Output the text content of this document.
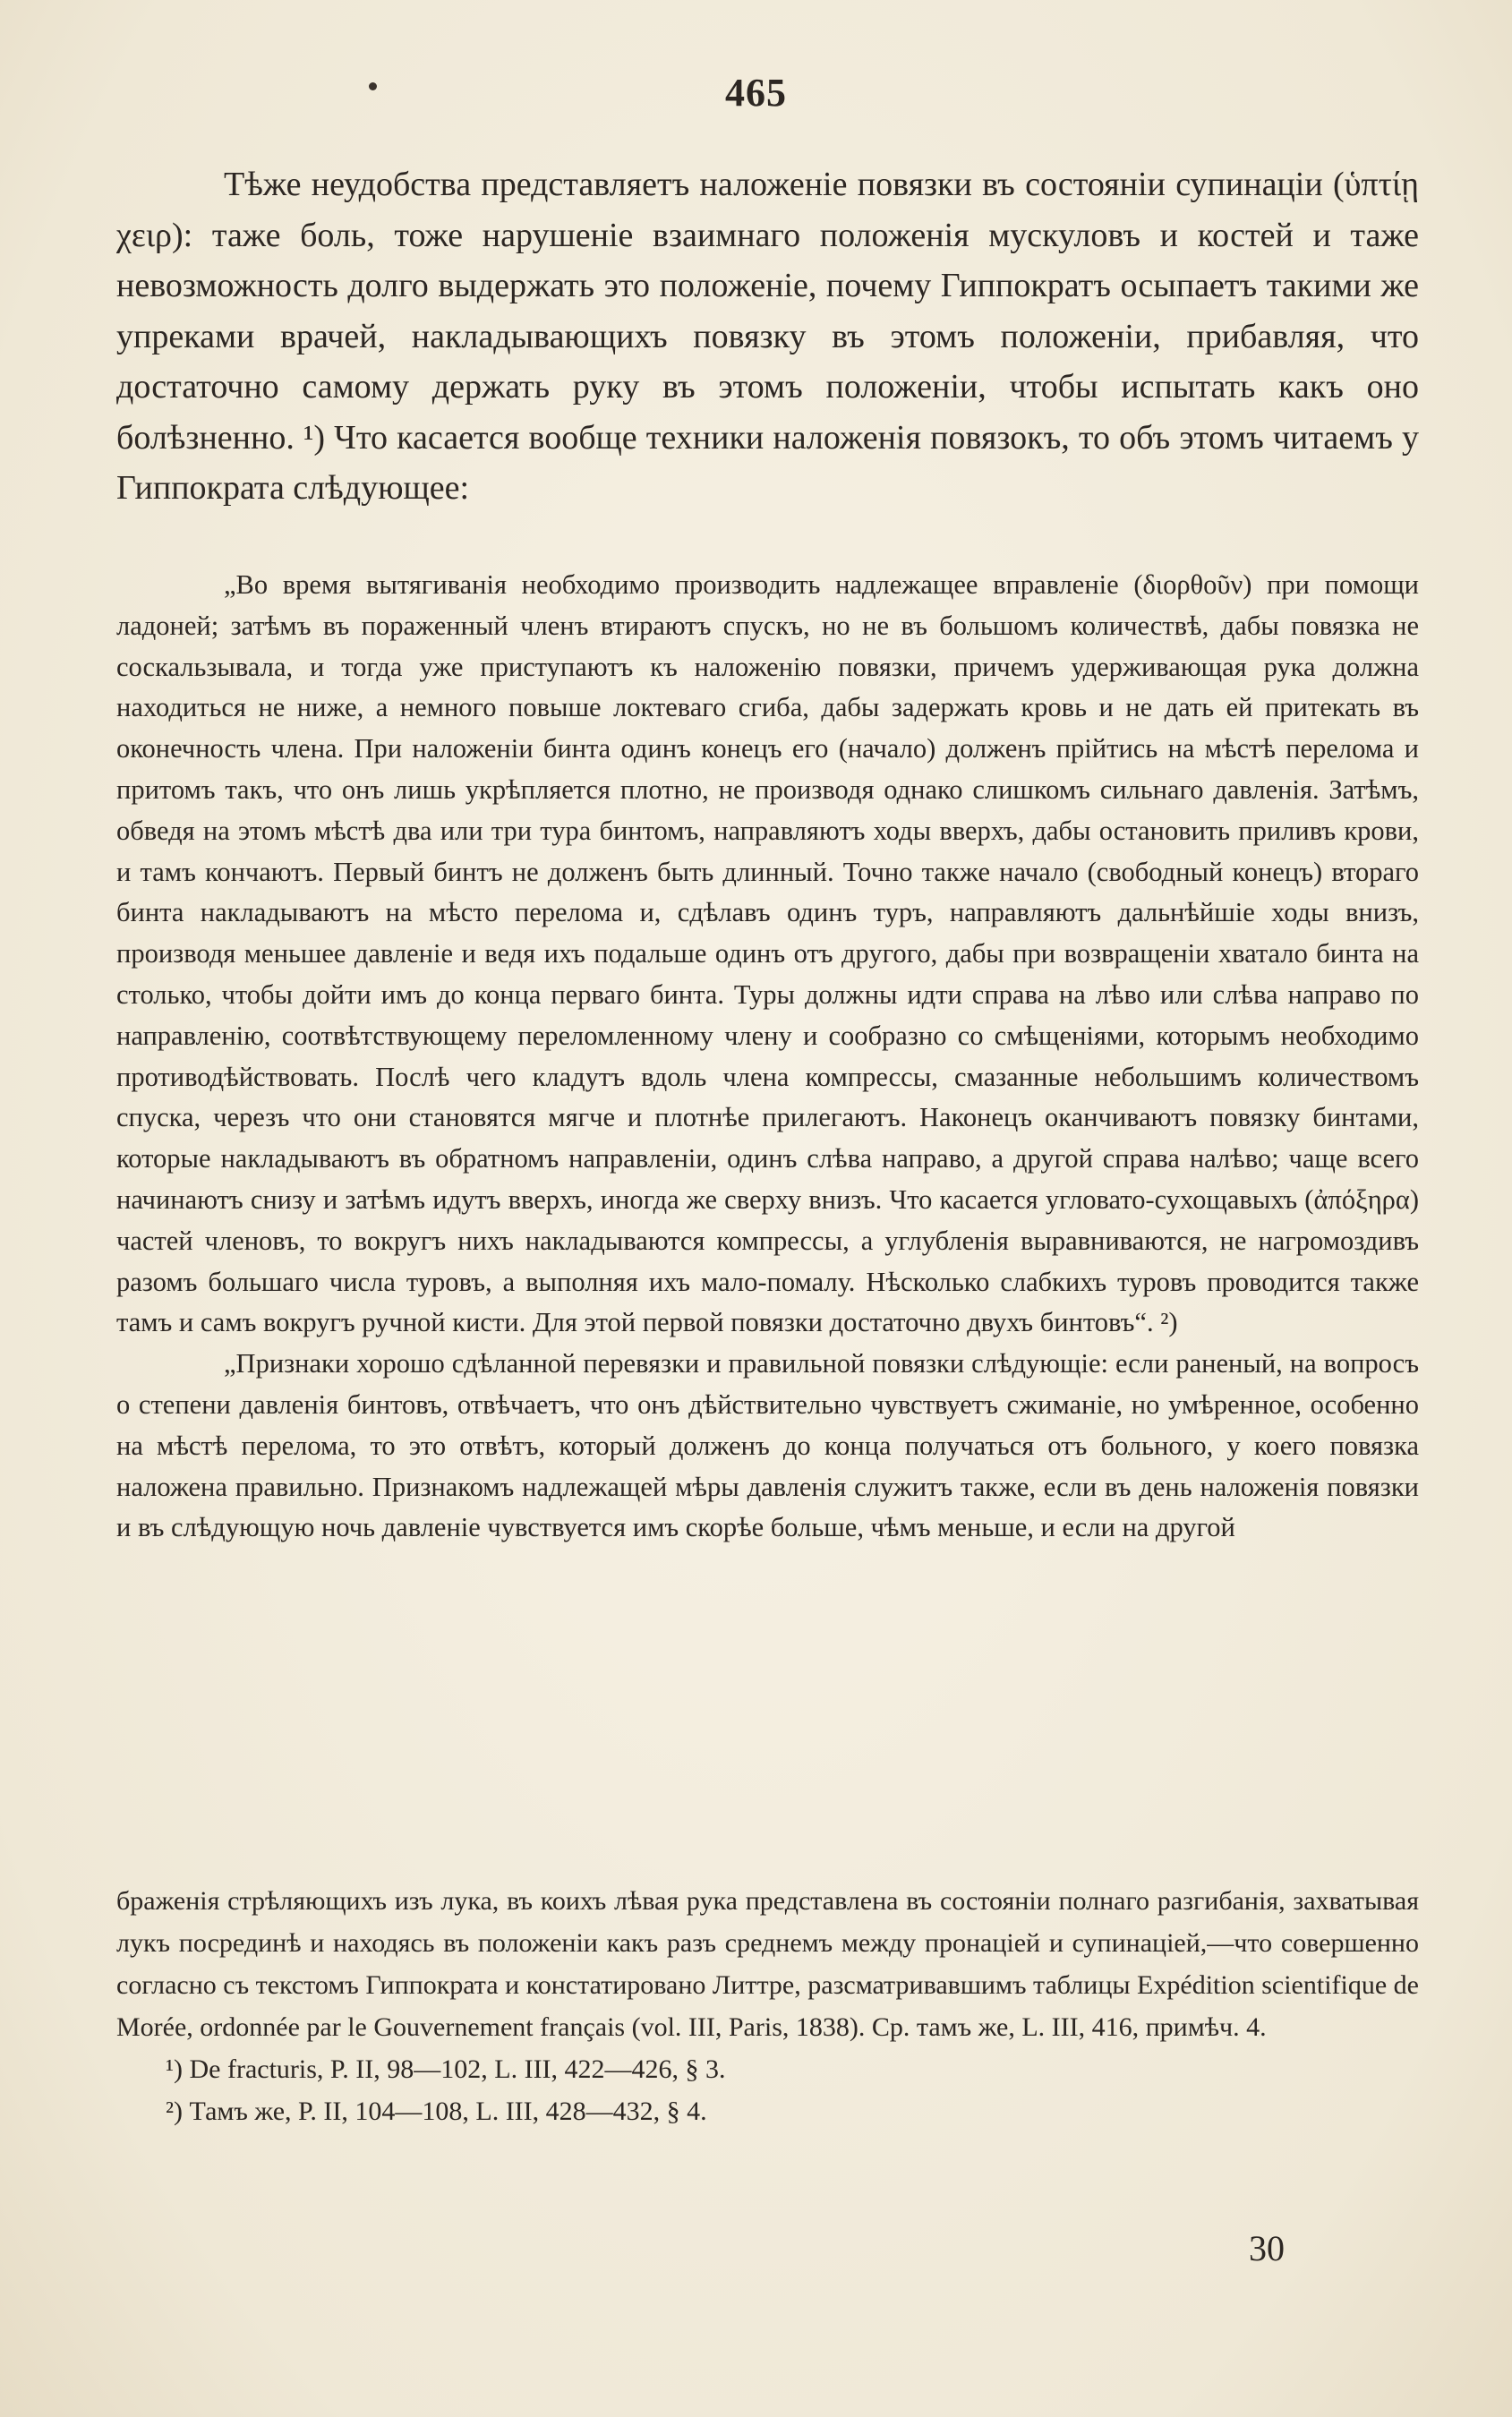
465

Тѣже неудобства представляетъ наложеніе повязки въ состояніи супинаціи (ὑπτίῃ χειρ): таже боль, тоже нарушеніе взаимнаго положенія мускуловъ и костей и таже невозможность долго выдержать это положеніе, почему Гиппократъ осыпаетъ такими же упреками врачей, накладывающихъ повязку въ этомъ положеніи, прибавляя, что достаточно самому держать руку въ этомъ положеніи, чтобы испытать какъ оно болѣзненно. ¹) Что касается вообще техники наложенія повязокъ, то объ этомъ читаемъ у Гиппократа слѣдующее:

„Во время вытягиванія необходимо производить надлежащее вправленіе (διορθοῦν) при помощи ладоней; затѣмъ въ пораженный членъ втираютъ спускъ, но не въ большомъ количествѣ, дабы повязка не соскальзывала, и тогда уже приступаютъ къ наложенію повязки, причемъ удерживающая рука должна находиться не ниже, а немного повыше локтеваго сгиба, дабы задержать кровь и не дать ей притекать въ оконечность члена. При наложеніи бинта одинъ конецъ его (начало) долженъ прійтись на мѣстѣ перелома и притомъ такъ, что онъ лишь укрѣпляется плотно, не производя однако слишкомъ сильнаго давленія. Затѣмъ, обведя на этомъ мѣстѣ два или три тура бинтомъ, направляютъ ходы вверхъ, дабы остановить приливъ крови, и тамъ кончаютъ. Первый бинтъ не долженъ быть длинный. Точно также начало (свободный конецъ) втораго бинта накладываютъ на мѣсто перелома и, сдѣлавъ одинъ туръ, направляютъ дальнѣйшіе ходы внизъ, производя меньшее давленіе и ведя ихъ подальше одинъ отъ другого, дабы при возвращеніи хватало бинта на столько, чтобы дойти имъ до конца перваго бинта. Туры должны идти справа на лѣво или слѣва направо по направленію, соотвѣтствующему переломленному члену и сообразно со смѣщеніями, которымъ необходимо противодѣйствовать. Послѣ чего кладутъ вдоль члена компрессы, смазанные небольшимъ количествомъ спуска, черезъ что они становятся мягче и плотнѣе прилегаютъ. Наконецъ оканчиваютъ повязку бинтами, которые накладываютъ въ обратномъ направленіи, одинъ слѣва направо, а другой справа налѣво; чаще всего начинаютъ снизу и затѣмъ идутъ вверхъ, иногда же сверху внизъ. Что касается угловато-сухощавыхъ (ἀπόξηρα) частей членовъ, то вокругъ нихъ накладываются компрессы, а углубленія выравниваются, не нагромоздивъ разомъ большаго числа туровъ, а выполняя ихъ мало-помалу. Нѣсколько слабкихъ туровъ проводится также тамъ и самъ вокругъ ручной кисти. Для этой первой повязки достаточно двухъ бинтовъ“. ²)

„Признаки хорошо сдѣланной перевязки и правильной повязки слѣдующіе: если раненый, на вопросъ о степени давленія бинтовъ, отвѣчаетъ, что онъ дѣйствительно чувствуетъ сжиманіе, но умѣренное, особенно на мѣстѣ перелома, то это отвѣтъ, который долженъ до конца получаться отъ больного, у коего повязка наложена правильно. Признакомъ надлежащей мѣры давленія служитъ также, если въ день наложенія повязки и въ слѣдующую ночь давленіе чувствуется имъ скорѣе больше, чѣмъ меньше, и если на другой

браженія стрѣляющихъ изъ лука, въ коихъ лѣвая рука представлена въ состояніи полнаго разгибанія, захватывая лукъ посрединѣ и находясь въ положеніи какъ разъ среднемъ между пронаціей и супинаціей,—что совершенно согласно съ текстомъ Гиппократа и констатировано Литтре, разсматривавшимъ таблицы Expédition scientifique de Morée, ordonnée par le Gouvernement français (vol. III, Paris, 1838). Ср. тамъ же, L. III, 416, примѣч. 4.

¹) De fracturis, P. II, 98—102, L. III, 422—426, § 3.

²) Тамъ же, P. II, 104—108, L. III, 428—432, § 4.

30
